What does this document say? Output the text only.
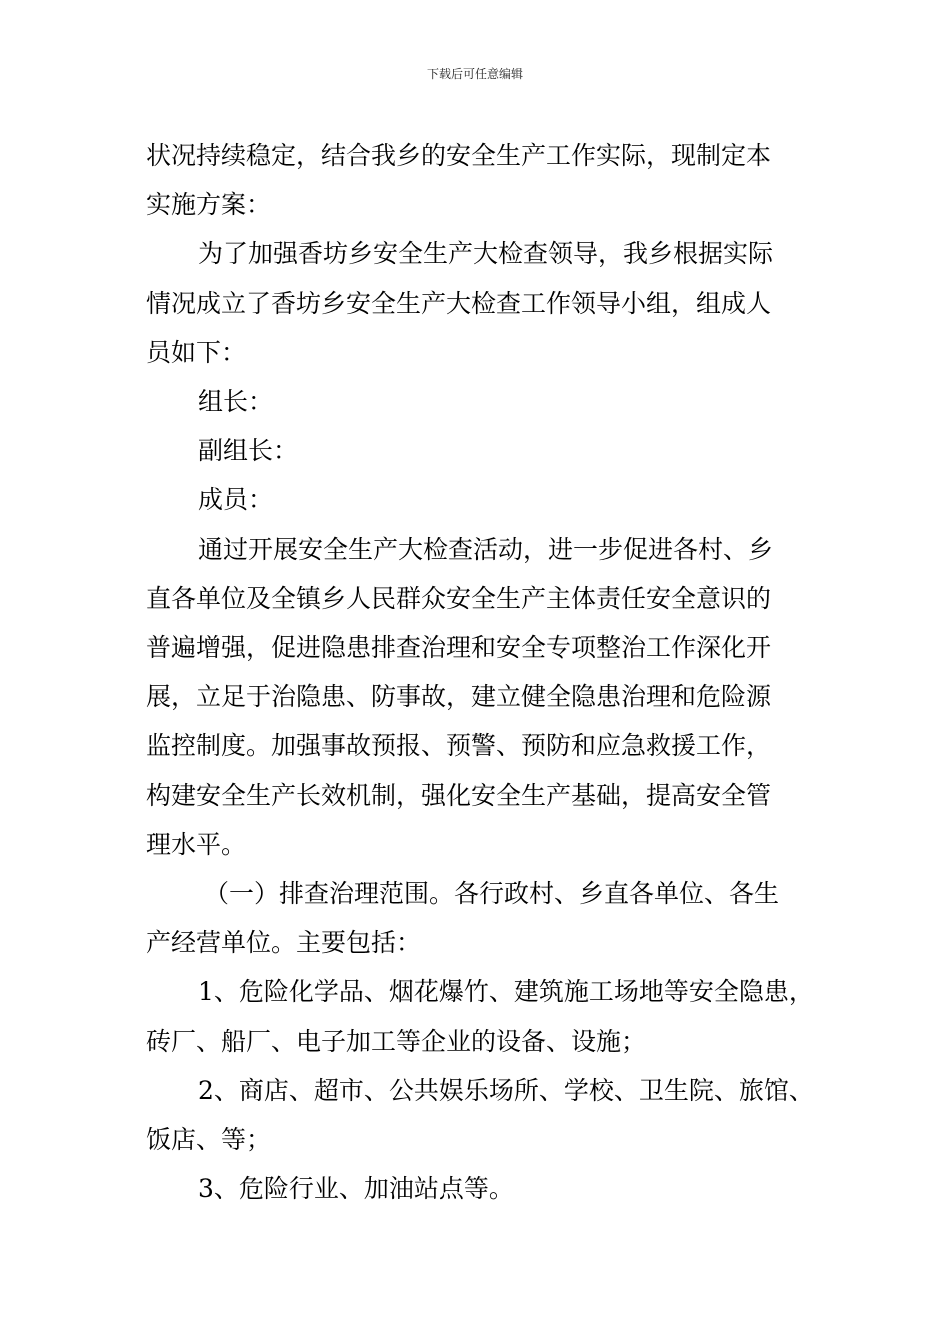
下载后可任意编辑

状况持续稳定，结合我乡的安全生产工作实际，现制定本

实施方案：

为了加强香坊乡安全生产大检查领导，我乡根据实际

情况成立了香坊乡安全生产大检查工作领导小组，组成人

员如下：

组长：

副组长：

成员：

通过开展安全生产大检查活动，进一步促进各村、乡

直各单位及全镇乡人民群众安全生产主体责任安全意识的

普遍增强，促进隐患排查治理和安全专项整治工作深化开

展，立足于治隐患、防事故，建立健全隐患治理和危险源

监控制度。加强事故预报、预警、预防和应急救援工作，

构建安全生产长效机制，强化安全生产基础，提高安全管

理水平。

（一）排查治理范围。各行政村、乡直各单位、各生

产经营单位。主要包括：

1、危险化学品、烟花爆竹、建筑施工场地等安全隐患，

砖厂、船厂、电子加工等企业的设备、设施；

2、商店、超市、公共娱乐场所、学校、卫生院、旅馆、

饭店、等；

3、危险行业、加油站点等。
